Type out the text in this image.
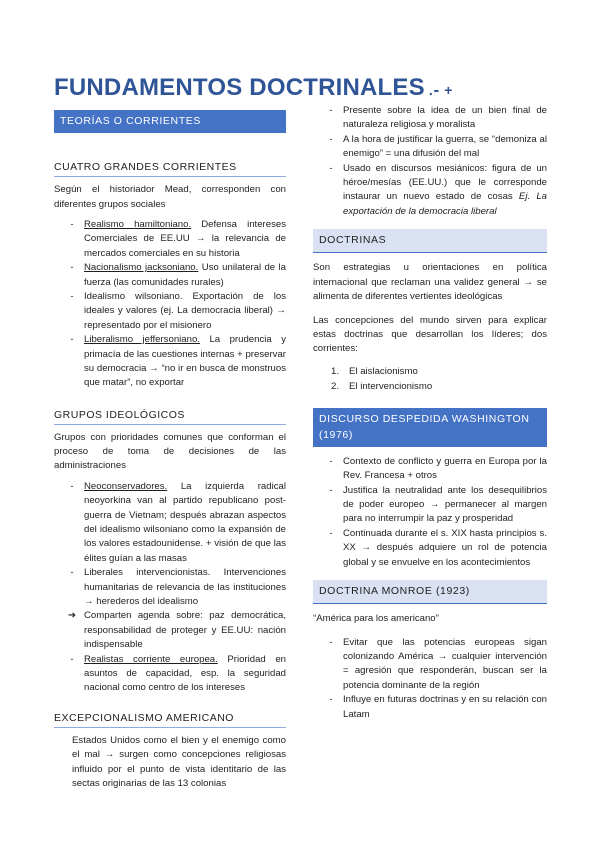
FUNDAMENTOS DOCTRINALES .⁃ +
TEORÍAS O CORRIENTES
CUATRO GRANDES CORRIENTES

Según el historiador Mead, corresponden con diferentes grupos sociales

-	Realismo hamiltoniano. Defensa intereses Comerciales de EE.UU → la relevancia de mercados comerciales en su historia
-	Nacionalismo jacksoniano. Uso unilateral de la fuerza (las comunidades rurales)
-	Idealismo wilsoniano. Exportación de los ideales y valores (ej. La democracia liberal) → representado por el misionero
-	Liberalismo jeffersoniano. La prudencia y primacía de las cuestiones internas + preservar su democracia → “no ir en busca de monstruos que matar”, no exportar
GRUPOS IDEOLÓGICOS

Grupos con prioridades comunes que conforman el proceso de toma de decisiones de las administraciones

-	Neoconservadores. La izquierda radical neoyorkina van al partido republicano post-guerra de Vietnam; después abrazan aspectos del idealismo wilsoniano como la expansión de los valores estadounidense. + visión de que las élites guían a las masas
-	Liberales intervencionistas. Intervenciones humanitarias de relevancia de las instituciones → herederos del idealismo
➔ Comparten agenda sobre: paz democrática, responsabilidad de proteger y EE.UU: nación indispensable
-	Realistas corriente europea. Prioridad en asuntos de capacidad, esp. la seguridad nacional como centro de los intereses
EXCEPCIONALISMO AMERICANO

Estados Unidos como el bien y el enemigo como el mal → surgen como concepciones religiosas influido por el punto de vista identitario de las sectas originarias de las 13 colonias

-	Presente sobre la idea de un bien final de naturaleza religiosa y moralista
-	A la hora de justificar la guerra, se “demoniza al enemigo” = una difusión del mal
-	Usado en discursos mesiánicos: figura de un héroe/mesías (EE.UU.) que le corresponde instaurar un nuevo estado de cosas Ej. La exportación de la democracia liberal
DOCTRINAS

Son estrategias u orientaciones en política internacional que reclaman una validez general → se alimenta de diferentes vertientes ideológicas

Las concepciones del mundo sirven para explicar estas doctrinas que desarrollan los líderes; dos corrientes:

1. El aislacionismo
2. El intervencionismo
DISCURSO DESPEDIDA WASHINGTON (1976)
-	Contexto de conflicto y guerra en Europa por la Rev. Francesa + otros
-	Justifica la neutralidad ante los desequilibrios de poder europeo → permanecer al margen para no interrumpir la paz y prosperidad
-	Continuada durante el s. XIX hasta principios s. XX → después adquiere un rol de potencia global y se envuelve en los acontecimientos
DOCTRINA MONROE (1923)

“América para los americano”

-	Evitar que las potencias europeas sigan colonizando América → cualquier intervención = agresión que responderán, buscan ser la potencia dominante de la región
-	Influye en futuras doctrinas y en su relación con Latam
